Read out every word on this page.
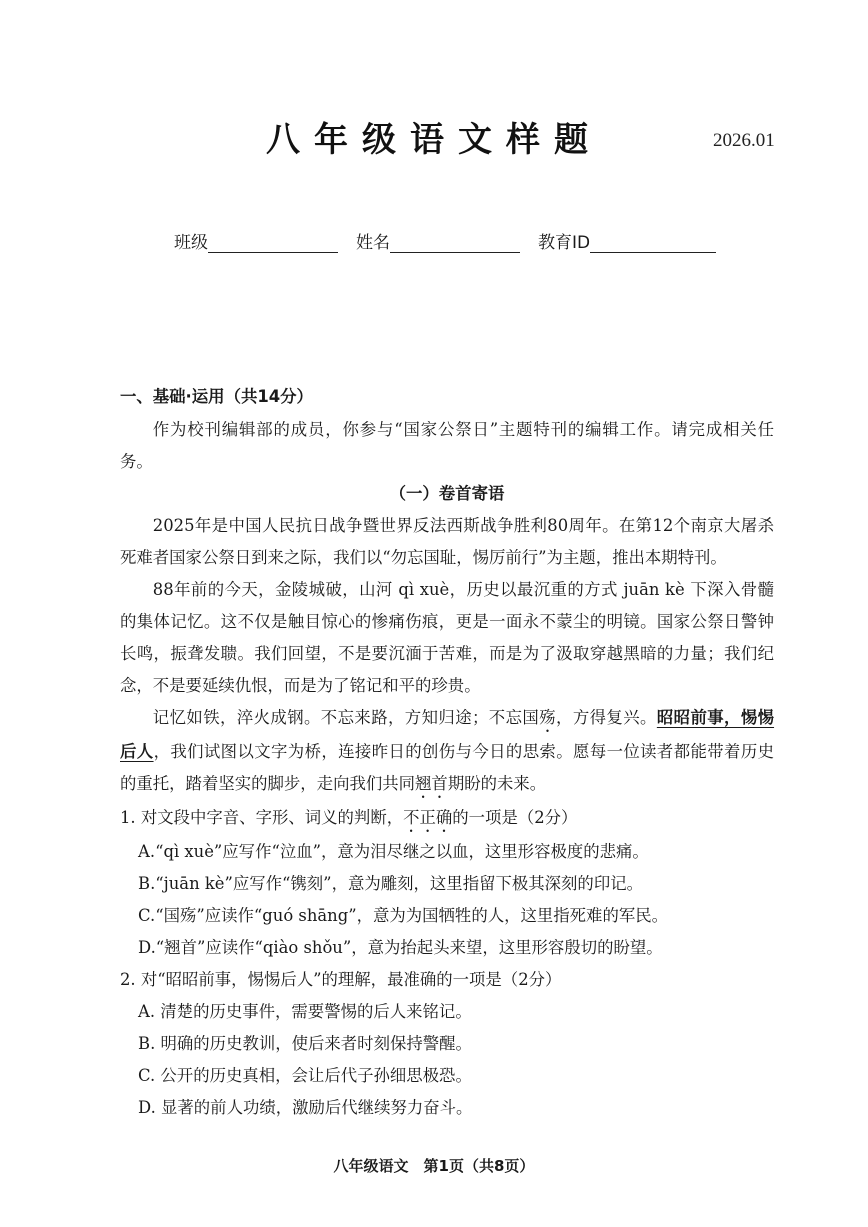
八年级语文样题	2026.01
班级	姓名	教育ID
一、基础·运用（共14分）

作为校刊编辑部的成员，你参与“国家公祭日”主题特刊的编辑工作。请完成相关任务。

（一）卷首寄语

2025年是中国人民抗日战争暨世界反法西斯战争胜利80周年。在第12个南京大屠杀死难者国家公祭日到来之际，我们以“勿忘国耻，惕厉前行”为主题，推出本期特刊。

88年前的今天，金陵城破，山河 qì xuè，历史以最沉重的方式 juān kè 下深入骨髓的集体记忆。这不仅是触目惊心的惨痛伤痕，更是一面永不蒙尘的明镜。国家公祭日警钟长鸣，振聋发聩。我们回望，不是要沉湎于苦难，而是为了汲取穿越黑暗的力量；我们纪念，不是要延续仇恨，而是为了铭记和平的珍贵。

记忆如铁，淬火成钢。不忘来路，方知归途；不忘国殇，方得复兴。昭昭前事，惕惕后人，我们试图以文字为桥，连接昨日的创伤与今日的思索。愿每一位读者都能带着历史的重托，踏着坚实的脚步，走向我们共同翘首期盼的未来。

1. 对文段中字音、字形、词义的判断，不正确的一项是（2分）

A.“qì xuè”应写作“泣血”，意为泪尽继之以血，这里形容极度的悲痛。

B.“juān kè”应写作“镌刻”，意为雕刻，这里指留下极其深刻的印记。

C.“国殇”应读作“guó shāng”，意为为国牺牲的人，这里指死难的军民。

D.“翘首”应读作“qiào shǒu”，意为抬起头来望，这里形容殷切的盼望。

2. 对“昭昭前事，惕惕后人”的理解，最准确的一项是（2分）

A. 清楚的历史事件，需要警惕的后人来铭记。

B. 明确的历史教训，使后来者时刻保持警醒。

C. 公开的历史真相，会让后代子孙细思极恐。

D. 显著的前人功绩，激励后代继续努力奋斗。

八年级语文　第1页（共8页）
